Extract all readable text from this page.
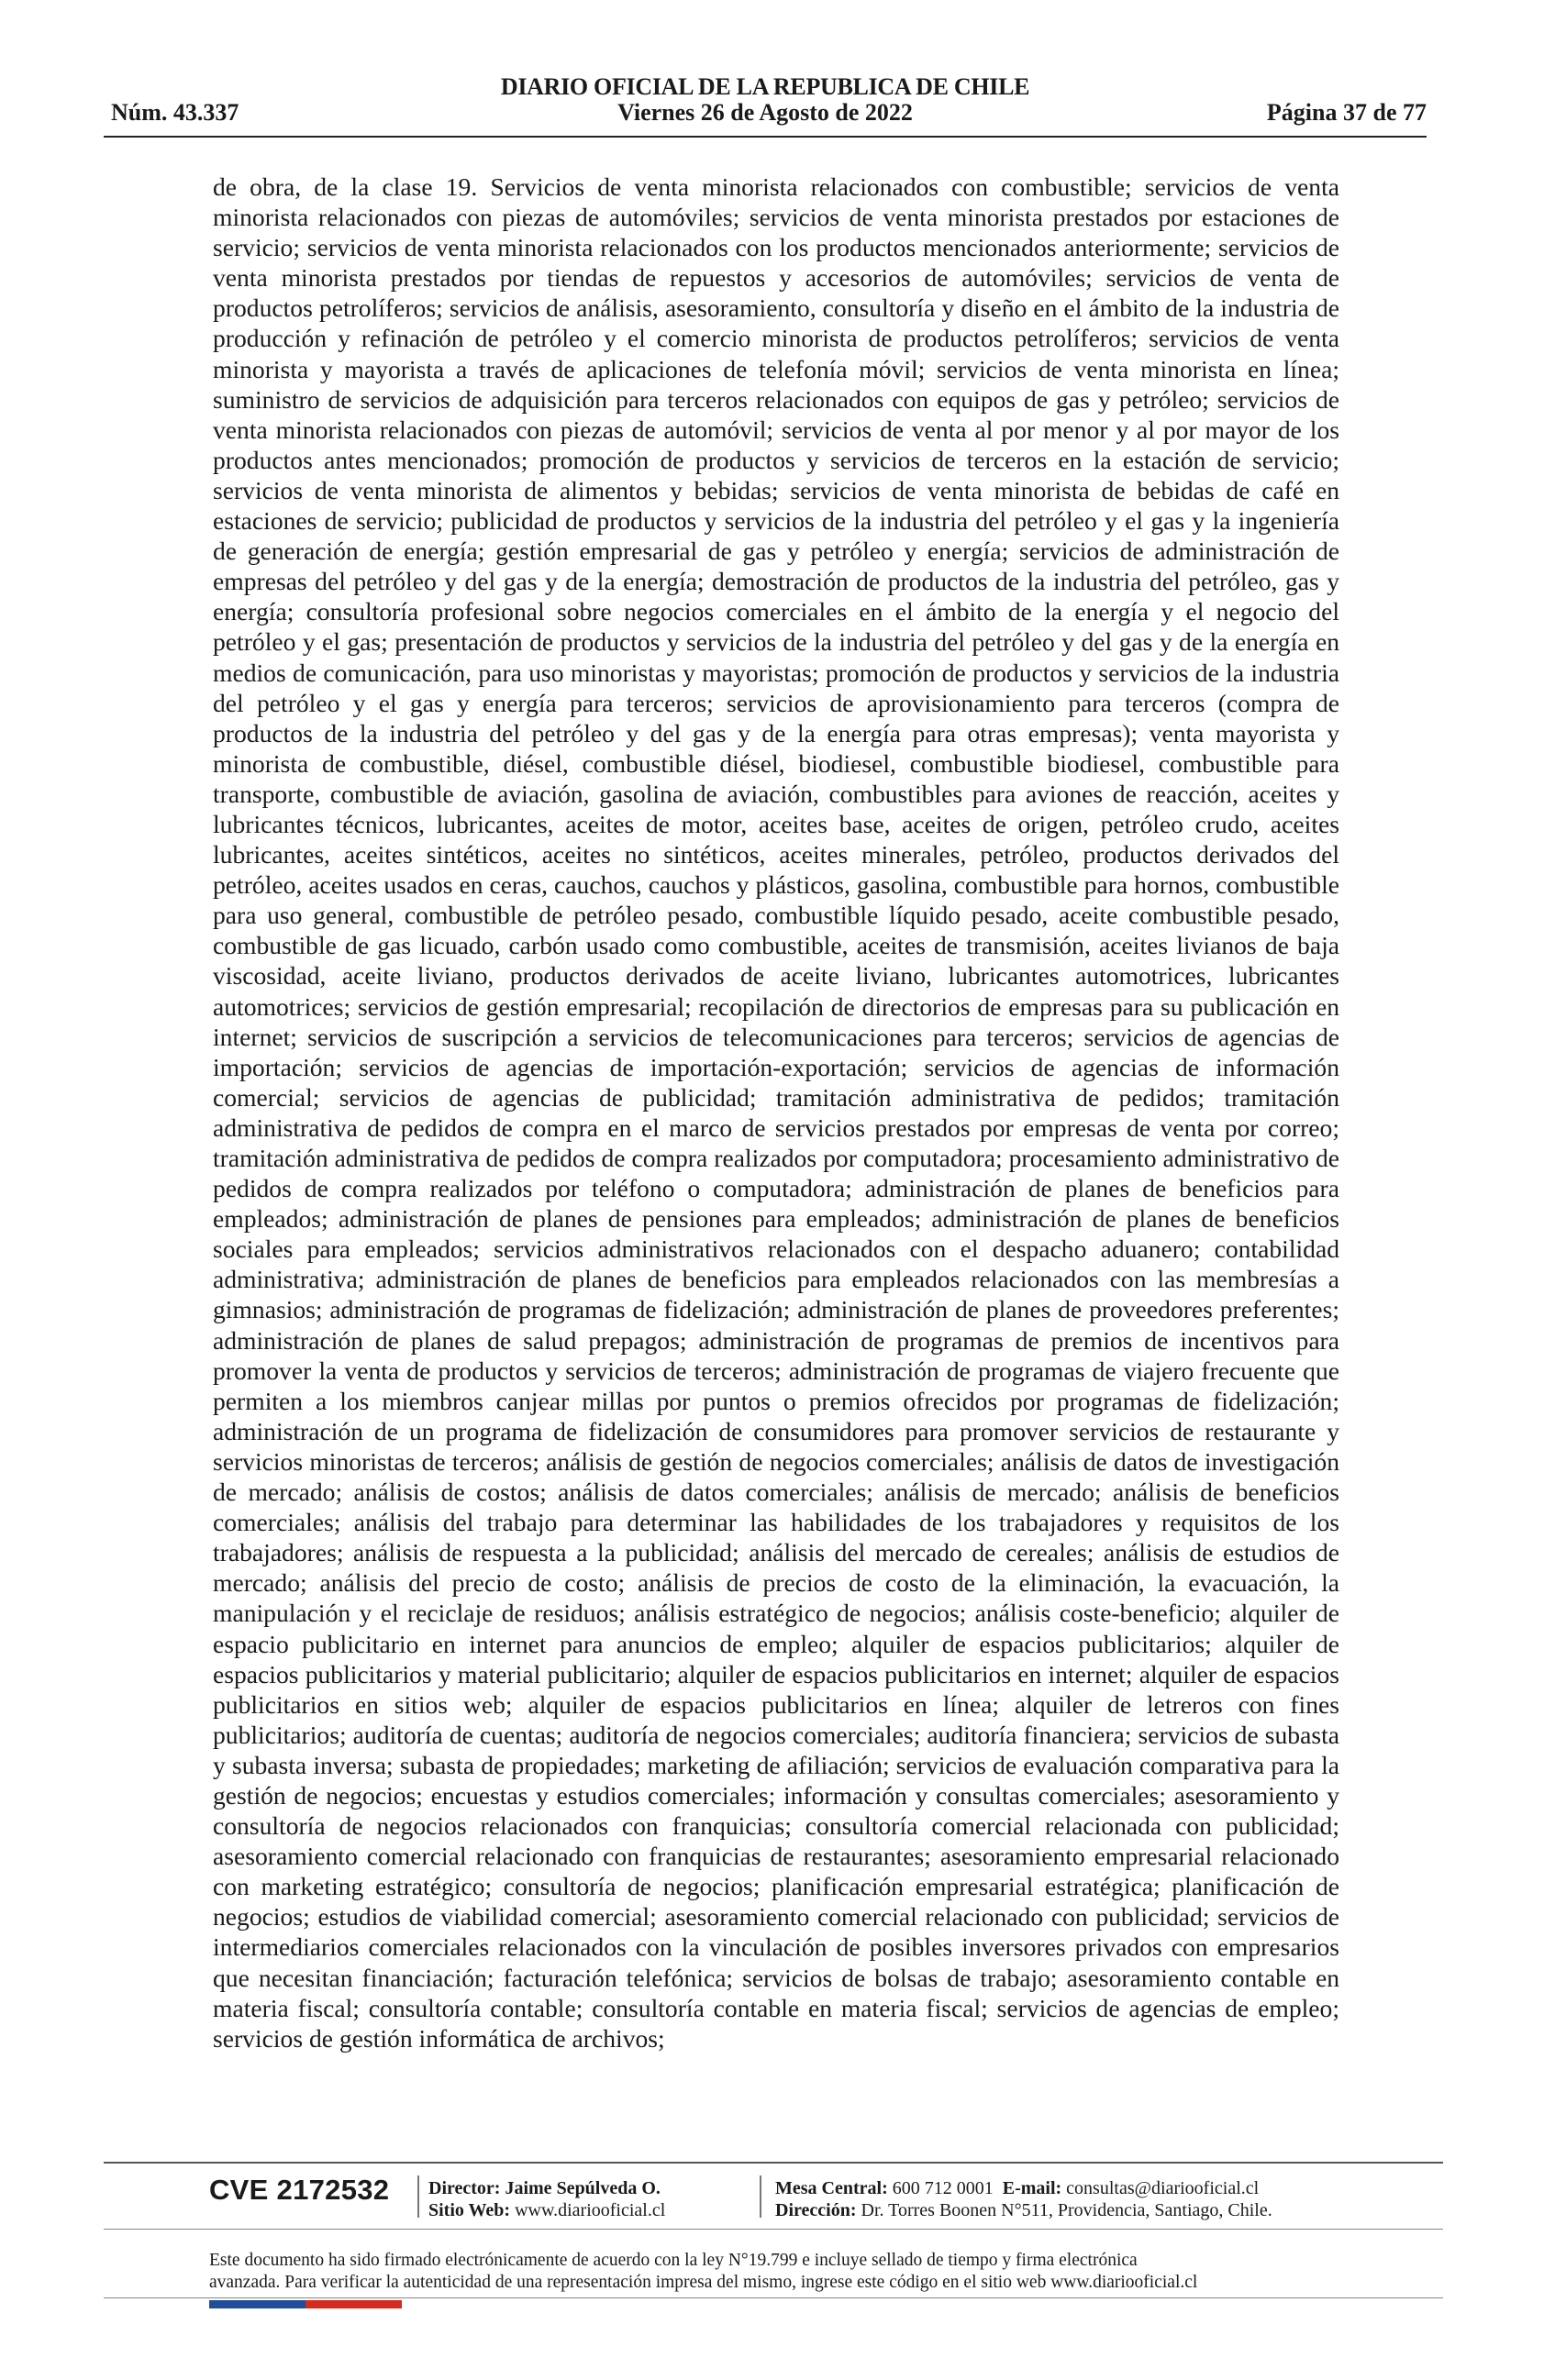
DIARIO OFICIAL DE LA REPUBLICA DE CHILE
Núm. 43.337	Viernes 26 de Agosto de 2022	Página 37 de 77
de obra, de la clase 19. Servicios de venta minorista relacionados con combustible; servicios de venta minorista relacionados con piezas de automóviles; servicios de venta minorista prestados por estaciones de servicio; servicios de venta minorista relacionados con los productos mencionados anteriormente; servicios de venta minorista prestados por tiendas de repuestos y accesorios de automóviles; servicios de venta de productos petrolíferos; servicios de análisis, asesoramiento, consultoría y diseño en el ámbito de la industria de producción y refinación de petróleo y el comercio minorista de productos petrolíferos; servicios de venta minorista y mayorista a través de aplicaciones de telefonía móvil; servicios de venta minorista en línea; suministro de servicios de adquisición para terceros relacionados con equipos de gas y petróleo; servicios de venta minorista relacionados con piezas de automóvil; servicios de venta al por menor y al por mayor de los productos antes mencionados; promoción de productos y servicios de terceros en la estación de servicio; servicios de venta minorista de alimentos y bebidas; servicios de venta minorista de bebidas de café en estaciones de servicio; publicidad de productos y servicios de la industria del petróleo y el gas y la ingeniería de generación de energía; gestión empresarial de gas y petróleo y energía; servicios de administración de empresas del petróleo y del gas y de la energía; demostración de productos de la industria del petróleo, gas y energía; consultoría profesional sobre negocios comerciales en el ámbito de la energía y el negocio del petróleo y el gas; presentación de productos y servicios de la industria del petróleo y del gas y de la energía en medios de comunicación, para uso minoristas y mayoristas; promoción de productos y servicios de la industria del petróleo y el gas y energía para terceros; servicios de aprovisionamiento para terceros (compra de productos de la industria del petróleo y del gas y de la energía para otras empresas); venta mayorista y minorista de combustible, diésel, combustible diésel, biodiesel, combustible biodiesel, combustible para transporte, combustible de aviación, gasolina de aviación, combustibles para aviones de reacción, aceites y lubricantes técnicos, lubricantes, aceites de motor, aceites base, aceites de origen, petróleo crudo, aceites lubricantes, aceites sintéticos, aceites no sintéticos, aceites minerales, petróleo, productos derivados del petróleo, aceites usados en ceras, cauchos, cauchos y plásticos, gasolina, combustible para hornos, combustible para uso general, combustible de petróleo pesado, combustible líquido pesado, aceite combustible pesado, combustible de gas licuado, carbón usado como combustible, aceites de transmisión, aceites livianos de baja viscosidad, aceite liviano, productos derivados de aceite liviano, lubricantes automotrices, lubricantes automotrices; servicios de gestión empresarial; recopilación de directorios de empresas para su publicación en internet; servicios de suscripción a servicios de telecomunicaciones para terceros; servicios de agencias de importación; servicios de agencias de importación-exportación; servicios de agencias de información comercial; servicios de agencias de publicidad; tramitación administrativa de pedidos; tramitación administrativa de pedidos de compra en el marco de servicios prestados por empresas de venta por correo; tramitación administrativa de pedidos de compra realizados por computadora; procesamiento administrativo de pedidos de compra realizados por teléfono o computadora; administración de planes de beneficios para empleados; administración de planes de pensiones para empleados; administración de planes de beneficios sociales para empleados; servicios administrativos relacionados con el despacho aduanero; contabilidad administrativa; administración de planes de beneficios para empleados relacionados con las membresías a gimnasios; administración de programas de fidelización; administración de planes de proveedores preferentes; administración de planes de salud prepagos; administración de programas de premios de incentivos para promover la venta de productos y servicios de terceros; administración de programas de viajero frecuente que permiten a los miembros canjear millas por puntos o premios ofrecidos por programas de fidelización; administración de un programa de fidelización de consumidores para promover servicios de restaurante y servicios minoristas de terceros; análisis de gestión de negocios comerciales; análisis de datos de investigación de mercado; análisis de costos; análisis de datos comerciales; análisis de mercado; análisis de beneficios comerciales; análisis del trabajo para determinar las habilidades de los trabajadores y requisitos de los trabajadores; análisis de respuesta a la publicidad; análisis del mercado de cereales; análisis de estudios de mercado; análisis del precio de costo; análisis de precios de costo de la eliminación, la evacuación, la manipulación y el reciclaje de residuos; análisis estratégico de negocios; análisis coste-beneficio; alquiler de espacio publicitario en internet para anuncios de empleo; alquiler de espacios publicitarios; alquiler de espacios publicitarios y material publicitario; alquiler de espacios publicitarios en internet; alquiler de espacios publicitarios en sitios web; alquiler de espacios publicitarios en línea; alquiler de letreros con fines publicitarios; auditoría de cuentas; auditoría de negocios comerciales; auditoría financiera; servicios de subasta y subasta inversa; subasta de propiedades; marketing de afiliación; servicios de evaluación comparativa para la gestión de negocios; encuestas y estudios comerciales; información y consultas comerciales; asesoramiento y consultoría de negocios relacionados con franquicias; consultoría comercial relacionada con publicidad; asesoramiento comercial relacionado con franquicias de restaurantes; asesoramiento empresarial relacionado con marketing estratégico; consultoría de negocios; planificación empresarial estratégica; planificación de negocios; estudios de viabilidad comercial; asesoramiento comercial relacionado con publicidad; servicios de intermediarios comerciales relacionados con la vinculación de posibles inversores privados con empresarios que necesitan financiación; facturación telefónica; servicios de bolsas de trabajo; asesoramiento contable en materia fiscal; consultoría contable; consultoría contable en materia fiscal; servicios de agencias de empleo; servicios de gestión informática de archivos;
CVE 2172532 Director: Jaime Sepúlveda O.
Sitio Web: www.diariooficial.cl
Mesa Central: 600 712 0001 E-mail: consultas@diariooficial.cl
Dirección: Dr. Torres Boonen N°511, Providencia, Santiago, Chile.
Este documento ha sido firmado electrónicamente de acuerdo con la ley N°19.799 e incluye sellado de tiempo y firma electrónica
avanzada. Para verificar la autenticidad de una representación impresa del mismo, ingrese este código en el sitio web www.diariooficial.cl
